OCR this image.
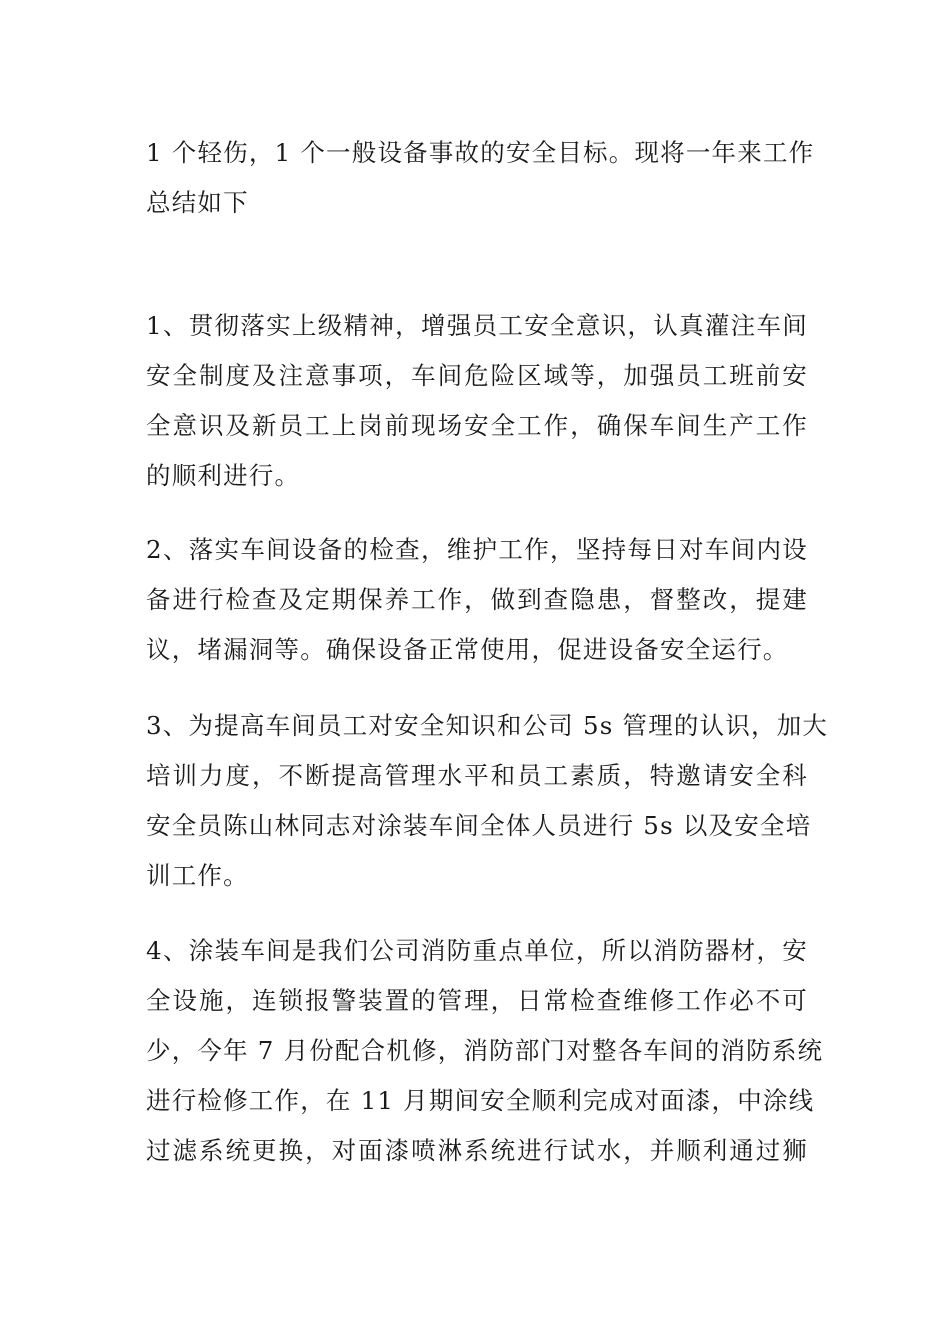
1 个轻伤，1 个一般设备事故的安全目标。现将一年来工作
总结如下

1、贯彻落实上级精神，增强员工安全意识，认真灌注车间
安全制度及注意事项，车间危险区域等，加强员工班前安
全意识及新员工上岗前现场安全工作，确保车间生产工作
的顺利进行。

2、落实车间设备的检查，维护工作，坚持每日对车间内设
备进行检查及定期保养工作，做到查隐患，督整改，提建
议，堵漏洞等。确保设备正常使用，促进设备安全运行。

3、为提高车间员工对安全知识和公司 5s 管理的认识，加大
培训力度，不断提高管理水平和员工素质，特邀请安全科
安全员陈山林同志对涂装车间全体人员进行 5s 以及安全培
训工作。

4、涂装车间是我们公司消防重点单位，所以消防器材，安
全设施，连锁报警装置的管理，日常检查维修工作必不可
少，今年 7 月份配合机修，消防部门对整各车间的消防系统
进行检修工作，在 11 月期间安全顺利完成对面漆，中涂线
过滤系统更换，对面漆喷淋系统进行试水，并顺利通过狮
